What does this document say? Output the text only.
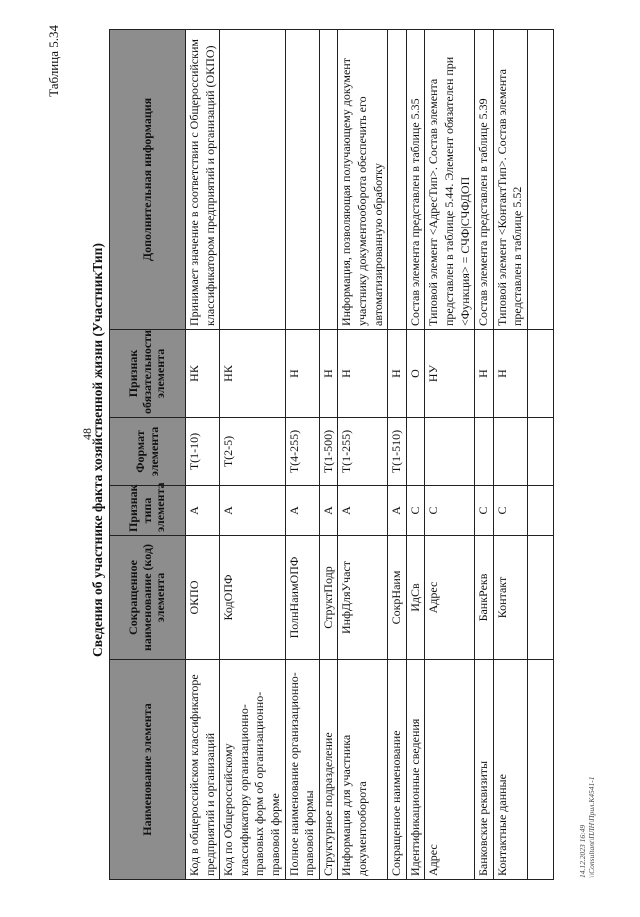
Таблица 5.34
48
Сведения об участнике факта хозяйственной жизни (УчастникТип)
Наименование элемента	Сокращенное наименование (код) элемента	Признак типа элемента	Формат элемента	Признак обязательности элемента	Дополнительная информация
Код в общероссийском классификаторе предприятий и организаций	ОКПО	А	T(1-10)	НК	Принимает значение в соответствии с Общероссийским классификатором предприятий и организаций (ОКПО)
Код по Общероссийскому классификатору организационно-правовых форм об организационно-правовой форме	КодОПФ	А	T(2-5)	НК	
Полное наименование организационно-правовой формы	ПолнНаимОПФ	А	T(4-255)	Н	
Структурное подразделение	СтруктПодр	А	T(1-500)	Н	
Информация для участника документооборота	ИнфДляУчаст	А	T(1-255)	Н	Информация, позволяющая получающему документ участнику документооборота обеспечить его автоматизированную обработку
Сокращенное наименование	СокрНаим	А	T(1-510)	Н	
Идентификационные сведения	ИдСв	С		О	Состав элемента представлен в таблице 5.35
Адрес	Адрес	С		НУ	Типовой элемент <АдресТип>. Состав элемента представлен в таблице 5.44. Элемент обязателен при <Функция> = СЧФ|СЧФДОП
Банковские реквизиты	БанкРекв	С		Н	Состав элемента представлен в таблице 5.39
Контактные данные	Контакт	С		Н	Типовой элемент <КонтактТип>. Состав элемента представлен в таблице 5.52

14.12.2023 16:49
\\Consultant\ПЛН\Прил.К4541-1
